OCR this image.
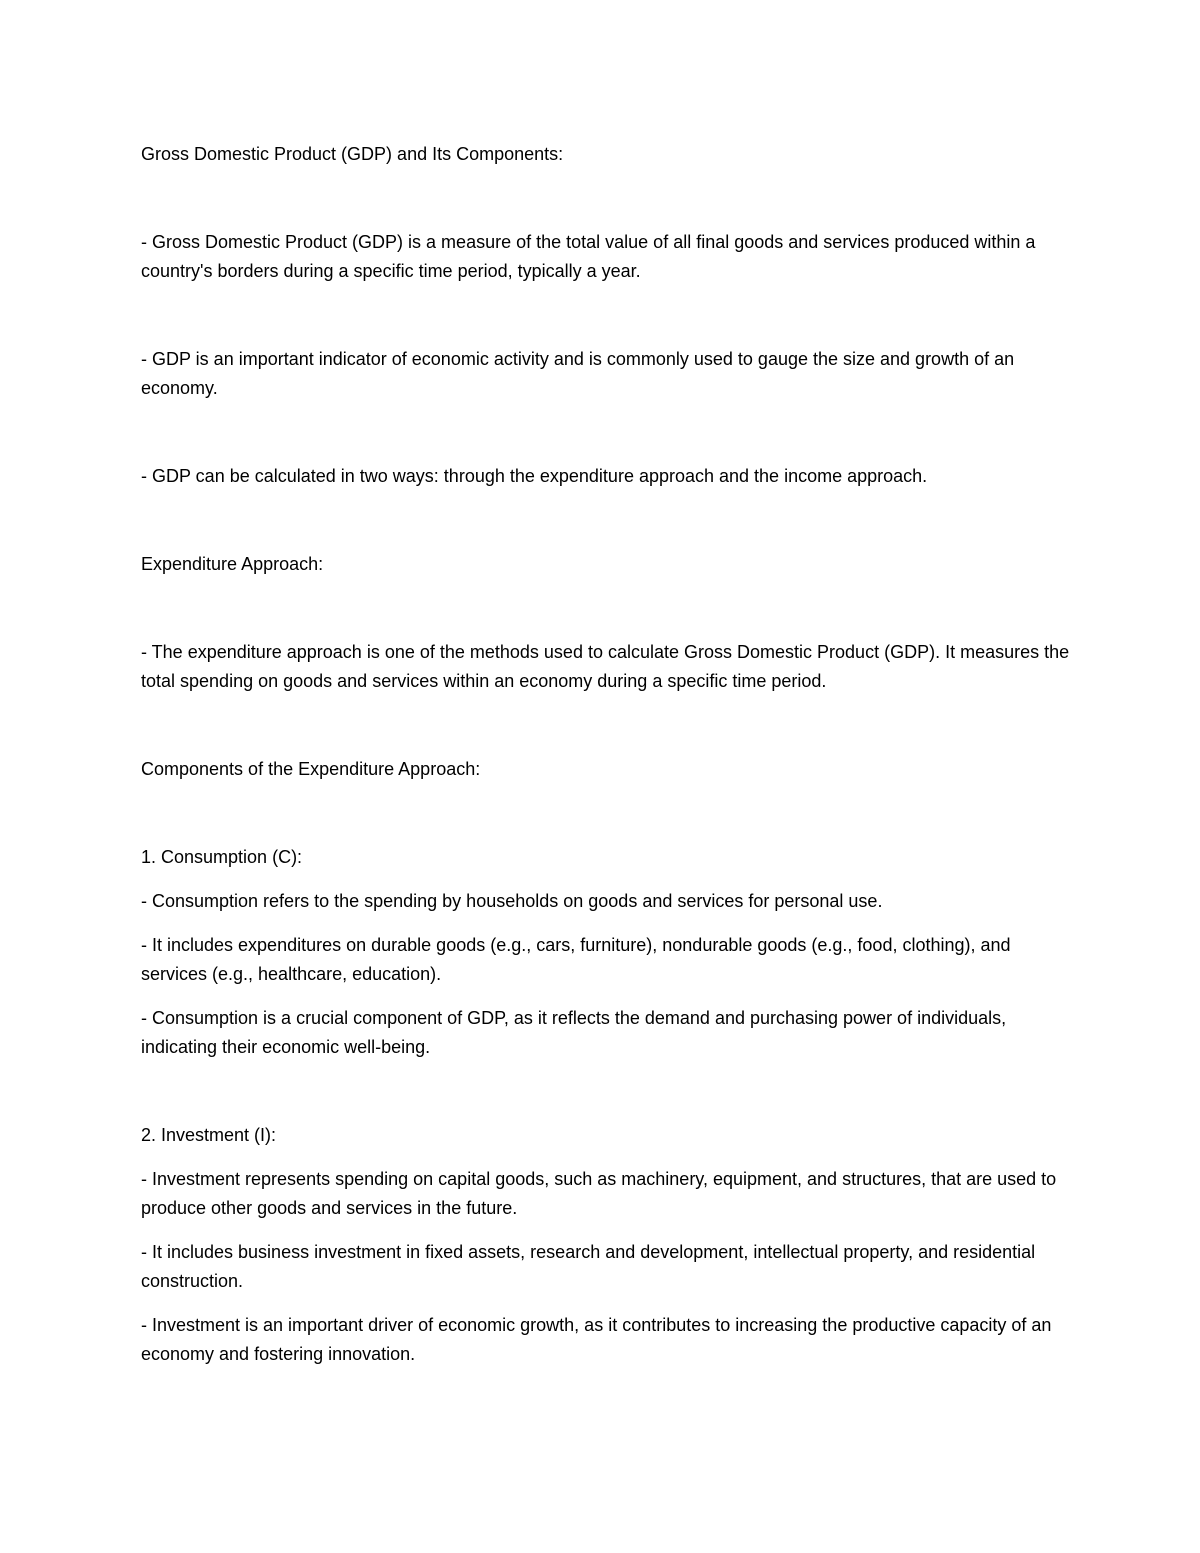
Gross Domestic Product (GDP) and Its Components:

- Gross Domestic Product (GDP) is a measure of the total value of all final goods and services produced within a country's borders during a specific time period, typically a year.

- GDP is an important indicator of economic activity and is commonly used to gauge the size and growth of an economy.

- GDP can be calculated in two ways: through the expenditure approach and the income approach.

Expenditure Approach:

- The expenditure approach is one of the methods used to calculate Gross Domestic Product (GDP). It measures the total spending on goods and services within an economy during a specific time period.

Components of the Expenditure Approach:

1. Consumption (C):

- Consumption refers to the spending by households on goods and services for personal use.

- It includes expenditures on durable goods (e.g., cars, furniture), nondurable goods (e.g., food, clothing), and services (e.g., healthcare, education).

- Consumption is a crucial component of GDP, as it reflects the demand and purchasing power of individuals, indicating their economic well-being.

2. Investment (I):

- Investment represents spending on capital goods, such as machinery, equipment, and structures, that are used to produce other goods and services in the future.

- It includes business investment in fixed assets, research and development, intellectual property, and residential construction.

- Investment is an important driver of economic growth, as it contributes to increasing the productive capacity of an economy and fostering innovation.
